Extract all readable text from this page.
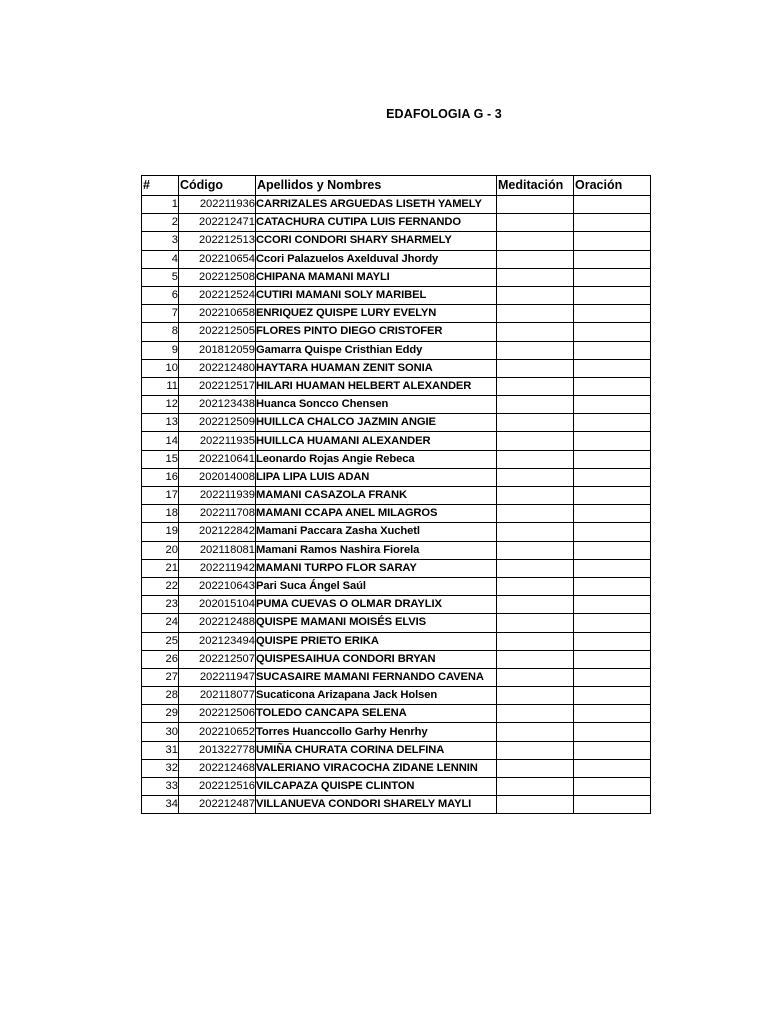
EDAFOLOGIA G - 3
#	Código	Apellidos y Nombres	Meditación	Oración
1	202211936	CARRIZALES ARGUEDAS LISETH YAMELY		
2	202212471	CATACHURA CUTIPA LUIS FERNANDO		
3	202212513	CCORI CONDORI SHARY SHARMELY		
4	202210654	Ccori Palazuelos Axelduval Jhordy		
5	202212508	CHIPANA MAMANI MAYLI		
6	202212524	CUTIRI MAMANI SOLY MARIBEL		
7	202210658	ENRIQUEZ QUISPE LURY EVELYN		
8	202212505	FLORES PINTO DIEGO CRISTOFER		
9	201812059	Gamarra Quispe Cristhian Eddy		
10	202212480	HAYTARA HUAMAN ZENIT SONIA		
11	202212517	HILARI HUAMAN HELBERT ALEXANDER		
12	202123438	Huanca Soncco Chensen		
13	202212509	HUILLCA CHALCO JAZMIN ANGIE		
14	202211935	HUILLCA HUAMANI ALEXANDER		
15	202210641	Leonardo Rojas Angie Rebeca		
16	202014008	LIPA LIPA LUIS ADAN		
17	202211939	MAMANI CASAZOLA FRANK		
18	202211708	MAMANI CCAPA ANEL MILAGROS		
19	202122842	Mamani Paccara Zasha Xuchetl		
20	202118081	Mamani Ramos Nashira Fiorela		
21	202211942	MAMANI TURPO FLOR SARAY		
22	202210643	Pari Suca Ángel Saúl		
23	202015104	PUMA CUEVAS O OLMAR DRAYLIX		
24	202212488	QUISPE MAMANI MOISÉS ELVIS		
25	202123494	QUISPE PRIETO ERIKA		
26	202212507	QUISPESAIHUA CONDORI BRYAN		
27	202211947	SUCASAIRE MAMANI FERNANDO CAVENA		
28	202118077	Sucaticona Arizapana Jack Holsen		
29	202212506	TOLEDO CANCAPA SELENA		
30	202210652	Torres Huanccollo Garhy Henrhy		
31	201322778	UMIÑA CHURATA CORINA DELFINA		
32	202212468	VALERIANO VIRACOCHA ZIDANE LENNIN		
33	202212516	VILCAPAZA QUISPE CLINTON		
34	202212487	VILLANUEVA CONDORI SHARELY MAYLI		
